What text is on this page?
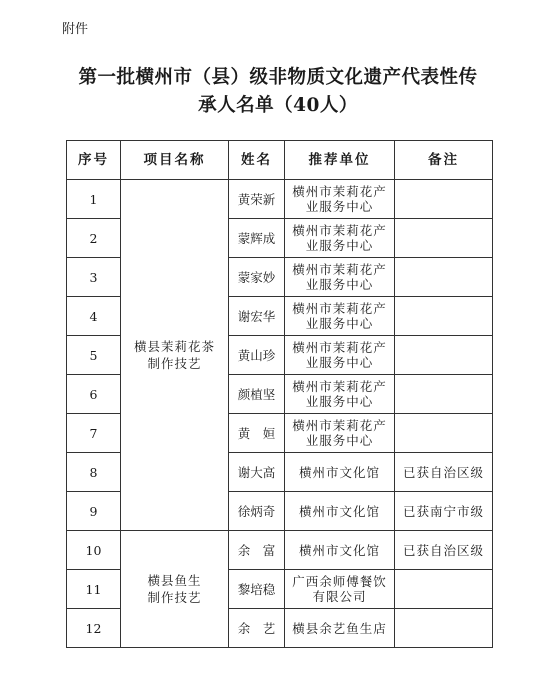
附件
第一批横州市（县）级非物质文化遗产代表性传
承人名单（40人）
序号	项目名称	姓名	推荐单位	备注
1	横县茉莉花茶制作技艺	黄荣新	横州市茉莉花产业服务中心	
2		蒙辉成	横州市茉莉花产业服务中心	
3		蒙家妙	横州市茉莉花产业服务中心	
4		谢宏华	横州市茉莉花产业服务中心	
5		黄山珍	横州市茉莉花产业服务中心	
6		颜植坚	横州市茉莉花产业服务中心	
7		黄　姮	横州市茉莉花产业服务中心	
8		谢大高	横州市文化馆	已获自治区级
9		徐炳奇	横州市文化馆	已获南宁市级
10	横县鱼生制作技艺	余　富	横州市文化馆	已获自治区级
11		黎培稳	广西余师傅餐饮有限公司	
12		余　艺	横县余艺鱼生店	
